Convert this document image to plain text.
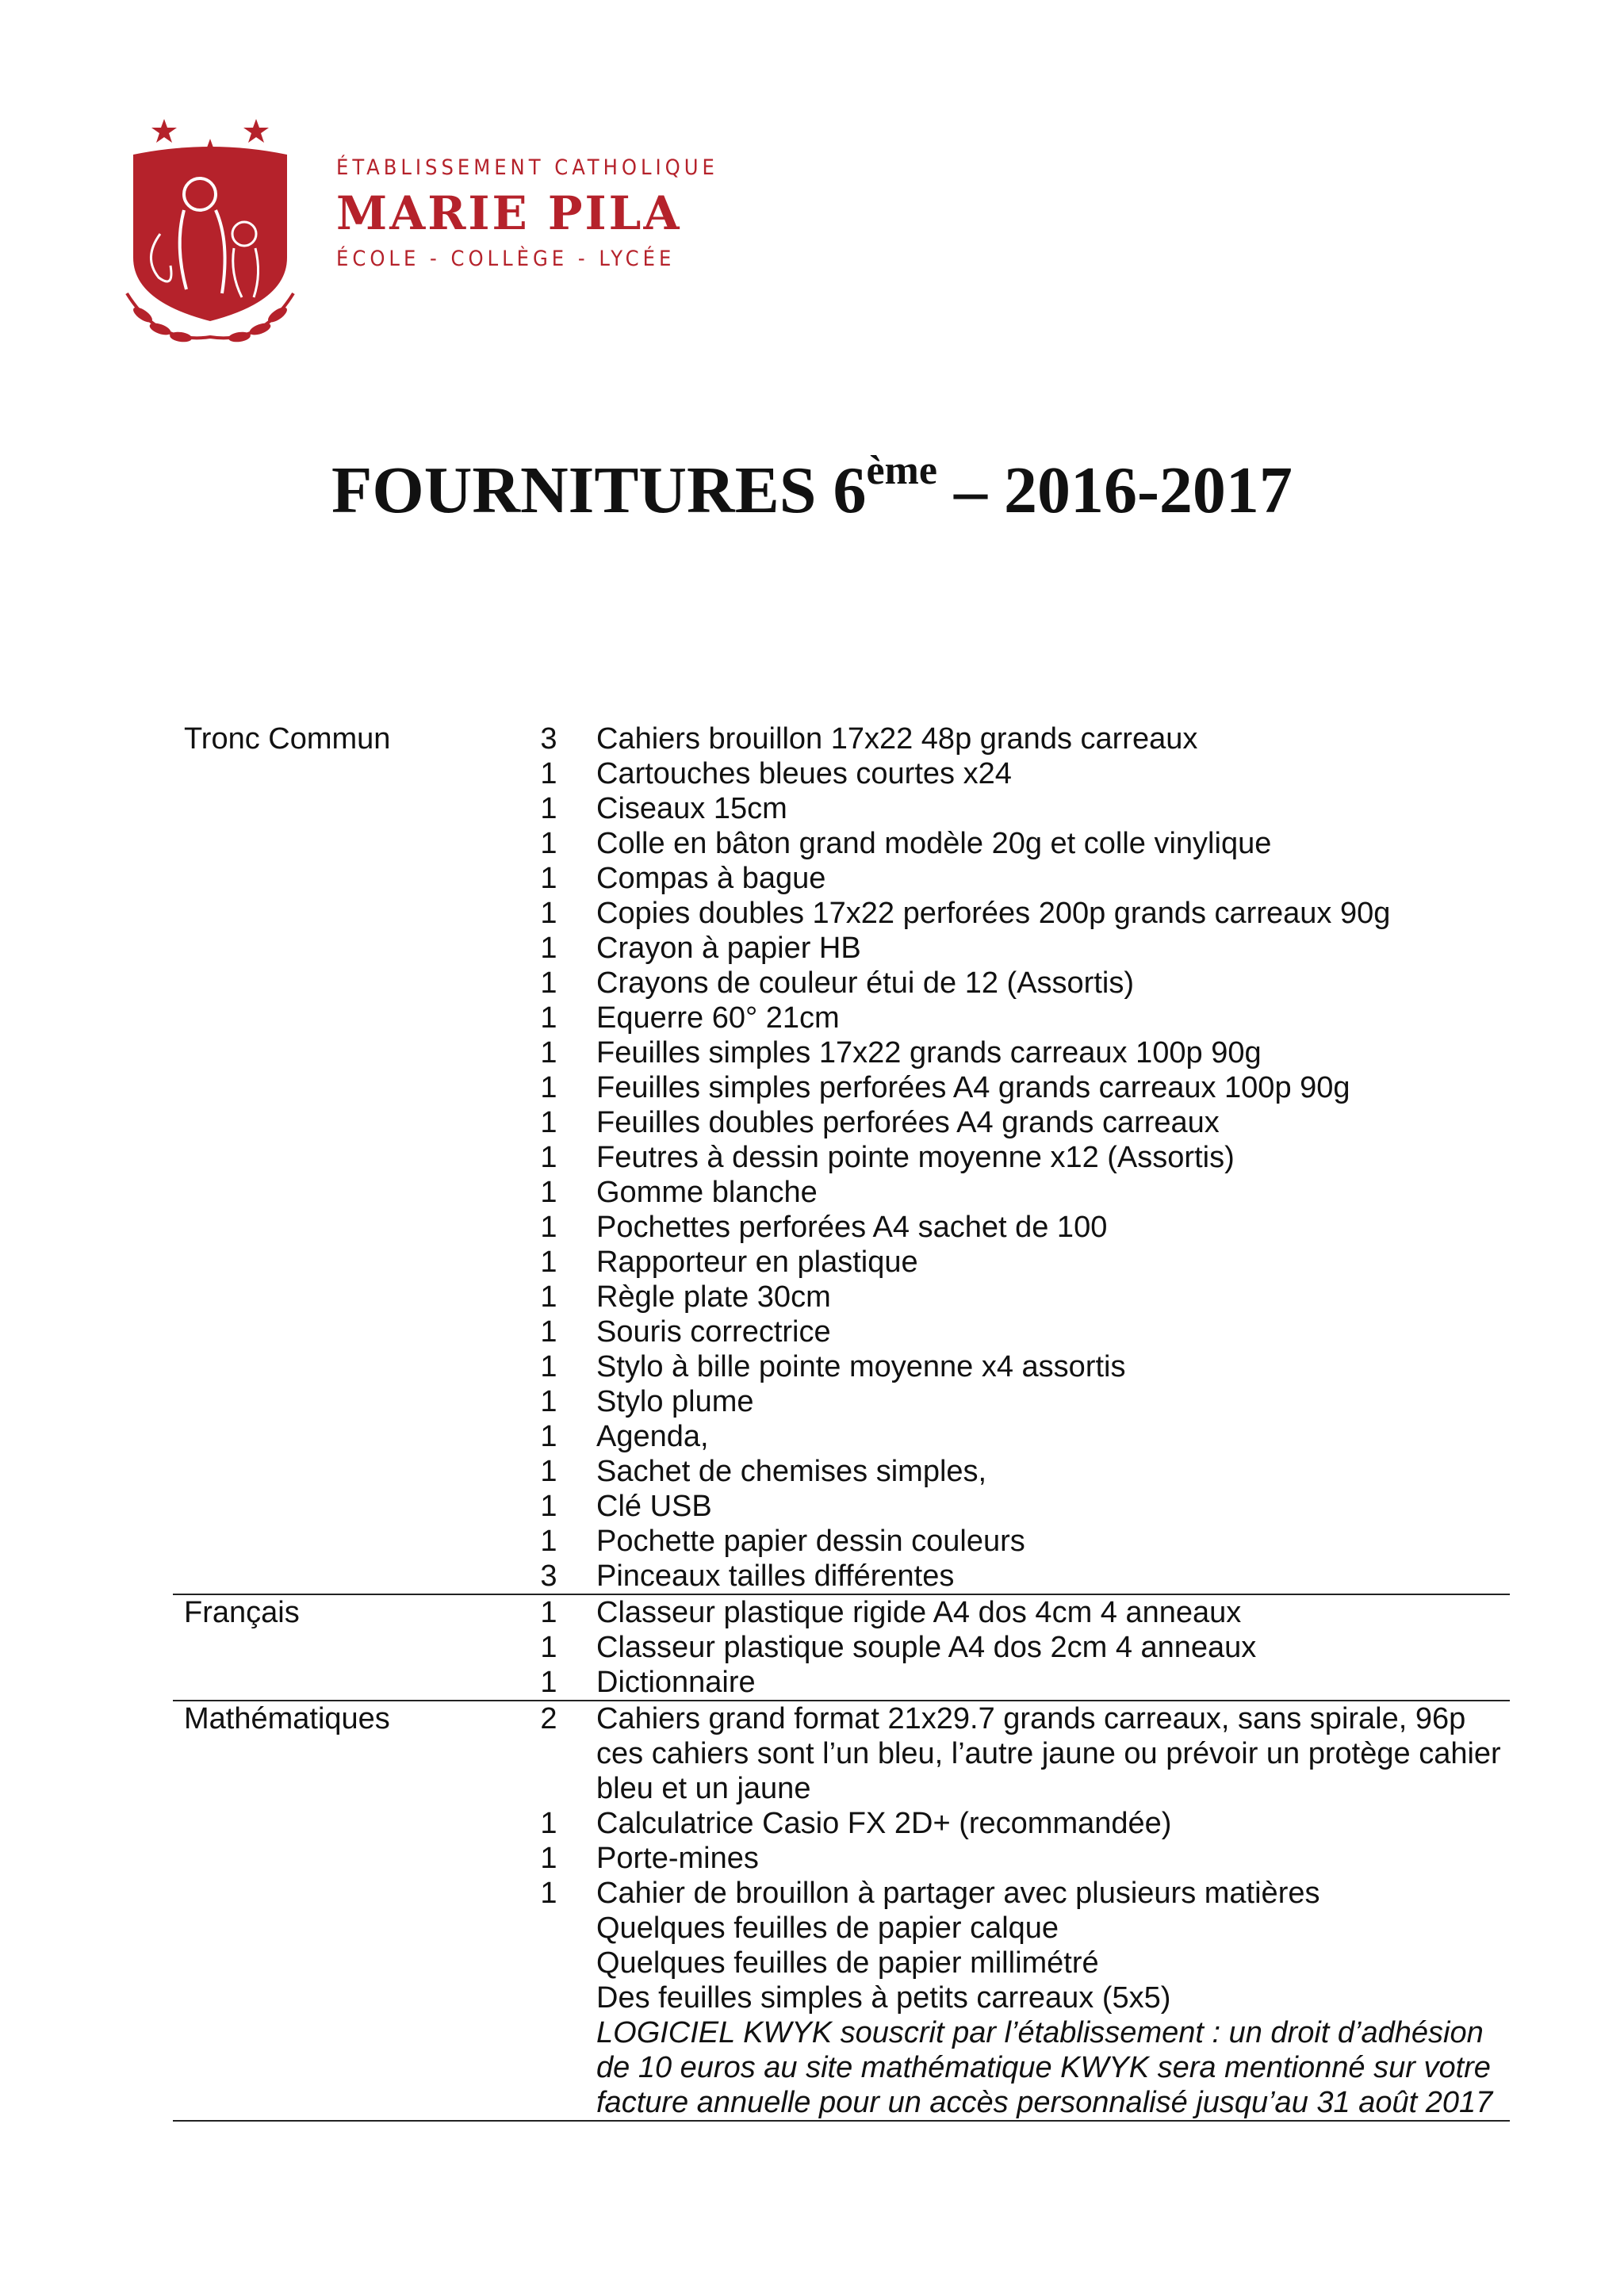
ÉTABLISSEMENT CATHOLIQUE
MARIE PILA
ÉCOLE - COLLÈGE - LYCÉE
FOURNITURES 6ème – 2016-2017
Tronc Commun	3 Cahiers brouillon 17x22 48p grands carreaux
1 Cartouches bleues courtes x24
1 Ciseaux 15cm
1 Colle en bâton grand modèle 20g et colle vinylique
1 Compas à bague
1 Copies doubles 17x22 perforées 200p grands carreaux 90g
1 Crayon à papier HB
1 Crayons de couleur étui de 12 (Assortis)
1 Equerre 60° 21cm
1 Feuilles simples 17x22 grands carreaux 100p 90g
1 Feuilles simples perforées A4 grands carreaux 100p 90g
1 Feuilles doubles perforées A4 grands carreaux
1 Feutres à dessin pointe moyenne x12 (Assortis)
1 Gomme blanche
1 Pochettes perforées A4 sachet de 100
1 Rapporteur en plastique
1 Règle plate 30cm
1 Souris correctrice
1 Stylo à bille pointe moyenne x4 assortis
1 Stylo plume
1 Agenda,
1 Sachet de chemises simples,
1 Clé USB
1 Pochette papier dessin couleurs
3 Pinceaux tailles différentes
Français	1 Classeur plastique rigide A4 dos 4cm 4 anneaux
1 Classeur plastique souple A4 dos 2cm 4 anneaux
1 Dictionnaire
Mathématiques	2 Cahiers grand format 21x29.7 grands carreaux, sans spirale, 96p
ces cahiers sont l’un bleu, l’autre jaune ou prévoir un protège cahier
bleu et un jaune
1 Calculatrice Casio FX 2D+ (recommandée)
1 Porte-mines
1 Cahier de brouillon à partager avec plusieurs matières
Quelques feuilles de papier calque
Quelques feuilles de papier millimétré
Des feuilles simples à petits carreaux (5x5)
LOGICIEL KWYK souscrit par l’établissement : un droit d’adhésion
de 10 euros au site mathématique KWYK sera mentionné sur votre
facture annuelle pour un accès personnalisé jusqu’au 31 août 2017
